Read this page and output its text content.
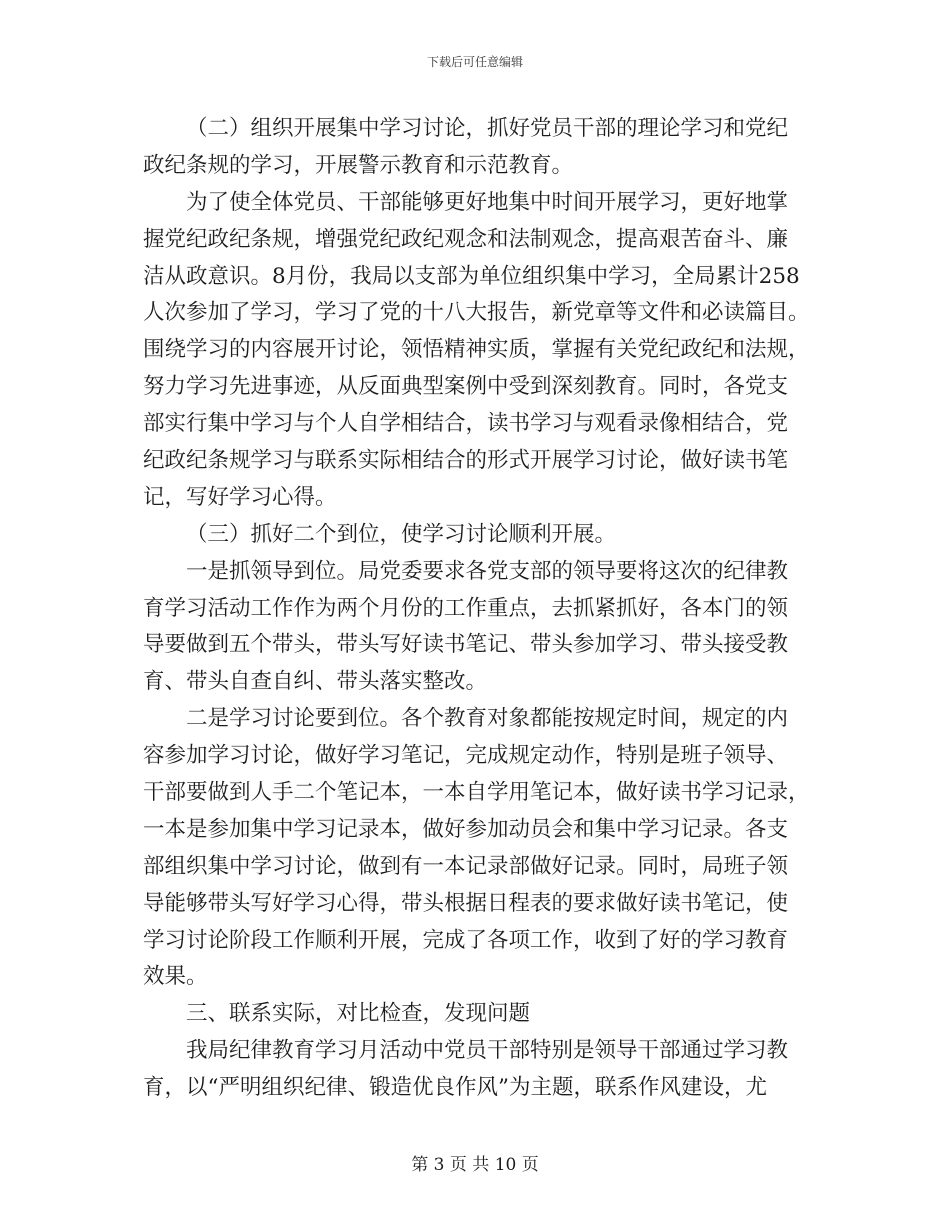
下载后可任意编辑
（二）组织开展集中学习讨论，抓好党员干部的理论学习和党纪
政纪条规的学习，开展警示教育和示范教育。
为了使全体党员、干部能够更好地集中时间开展学习，更好地掌
握党纪政纪条规，增强党纪政纪观念和法制观念，提高艰苦奋斗、廉
洁从政意识。8月份，我局以支部为单位组织集中学习，全局累计258
人次参加了学习，学习了党的十八大报告，新党章等文件和必读篇目。
围绕学习的内容展开讨论，领悟精神实质，掌握有关党纪政纪和法规，
努力学习先进事迹，从反面典型案例中受到深刻教育。同时，各党支
部实行集中学习与个人自学相结合，读书学习与观看录像相结合，党
纪政纪条规学习与联系实际相结合的形式开展学习讨论，做好读书笔
记，写好学习心得。
（三）抓好二个到位，使学习讨论顺利开展。
一是抓领导到位。局党委要求各党支部的领导要将这次的纪律教
育学习活动工作作为两个月份的工作重点，去抓紧抓好，各本门的领
导要做到五个带头，带头写好读书笔记、带头参加学习、带头接受教
育、带头自查自纠、带头落实整改。
二是学习讨论要到位。各个教育对象都能按规定时间，规定的内
容参加学习讨论，做好学习笔记，完成规定动作，特别是班子领导、
干部要做到人手二个笔记本，一本自学用笔记本，做好读书学习记录，
一本是参加集中学习记录本，做好参加动员会和集中学习记录。各支
部组织集中学习讨论，做到有一本记录部做好记录。同时，局班子领
导能够带头写好学习心得，带头根据日程表的要求做好读书笔记，使
学习讨论阶段工作顺利开展，完成了各项工作，收到了好的学习教育
效果。
三、联系实际，对比检查，发现问题
我局纪律教育学习月活动中党员干部特别是领导干部通过学习教
育，以“严明组织纪律、锻造优良作风”为主题，联系作风建设，尤
第 3 页 共 10 页
